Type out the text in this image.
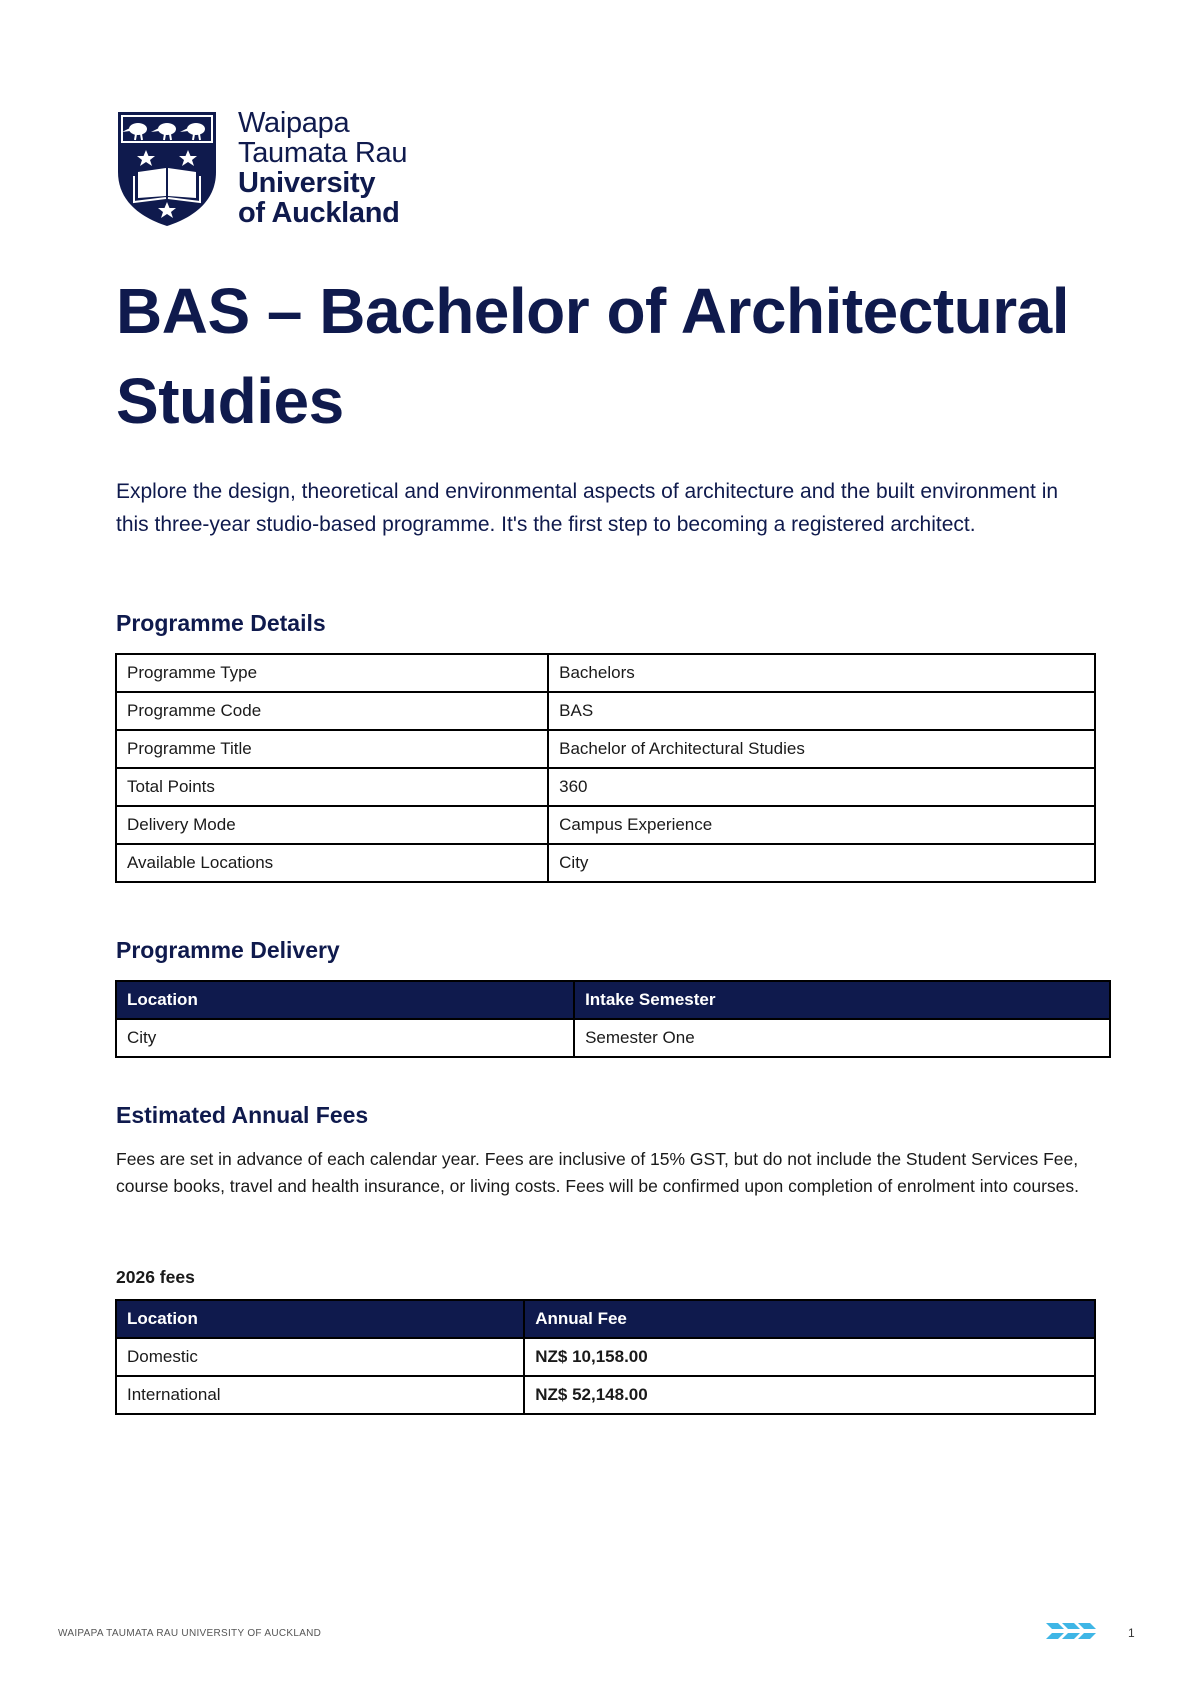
Waipapa
Taumata Rau
University
of Auckland
BAS – Bachelor of Architectural Studies

Explore the design, theoretical and environmental aspects of architecture and the built environment in this three-year studio-based programme. It's the first step to becoming a registered architect.

Programme Details
Programme Type	Bachelors
Programme Code	BAS
Programme Title	Bachelor of Architectural Studies
Total Points	360
Delivery Mode	Campus Experience
Available Locations	City
Programme Delivery
Location	Intake Semester
City	Semester One
Estimated Annual Fees

Fees are set in advance of each calendar year. Fees are inclusive of 15% GST, but do not include the Student Services Fee, course books, travel and health insurance, or living costs. Fees will be confirmed upon completion of enrolment into courses.

2026 fees

Location	Annual Fee
Domestic	NZ$ 10,158.00
International	NZ$ 52,148.00
WAIPAPA TAUMATA RAU UNIVERSITY OF AUCKLAND	1
